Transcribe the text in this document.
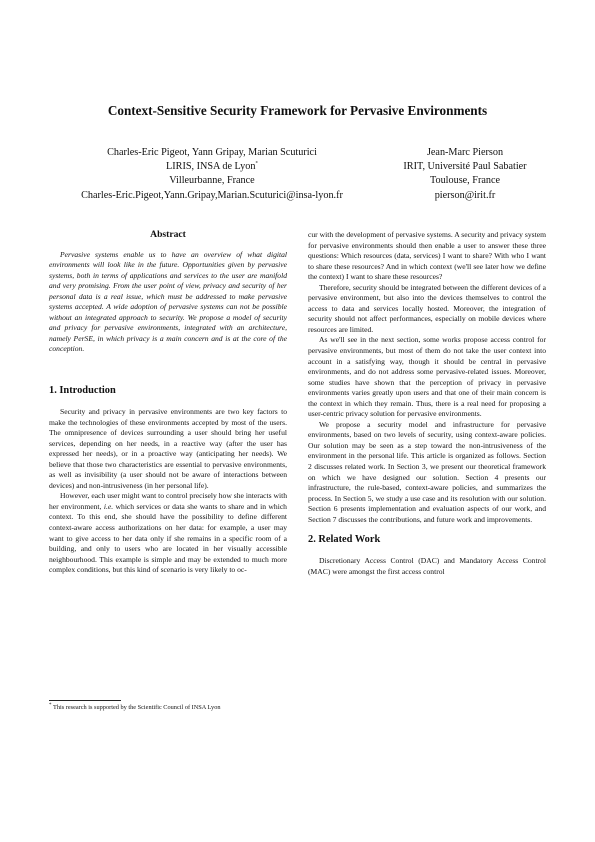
Context-Sensitive Security Framework for Pervasive Environments
Charles-Eric Pigeot, Yann Gripay, Marian Scuturici
LIRIS, INSA de Lyon*
Villeurbanne, France
Charles-Eric.Pigeot,Yann.Gripay,Marian.Scuturici@insa-lyon.fr
Jean-Marc Pierson
IRIT, Université Paul Sabatier
Toulouse, France
pierson@irit.fr
Abstract

Pervasive systems enable us to have an overview of what digital environments will look like in the future. Opportunities given by pervasive systems, both in terms of applications and services to the user are manifold and very promising. From the user point of view, privacy and security of her personal data is a real issue, which must be addressed to make pervasive systems accepted. A wide adoption of pervasive systems can not be possible without an integrated approach to security. We propose a model of security and privacy for pervasive environments, integrated with an architecture, namely PerSE, in which privacy is a main concern and is at the core of the conception.

1. Introduction

Security and privacy in pervasive environments are two key factors to make the technologies of these environments accepted by most of the users. The omnipresence of devices surrounding a user should bring her useful services, depending on her needs, in a reactive way (after the user has expressed her needs), or in a proactive way (anticipating her needs). We believe that those two characteristics are essential to pervasive environments, as well as invisibility (a user should not be aware of interactions between devices) and non-intrusiveness (in her personal life).

However, each user might want to control precisely how she interacts with her environment, i.e. which services or data she wants to share and in which context. To this end, she should have the possibility to define different context-aware access authorizations on her data: for example, a user may want to give access to her data only if she remains in a specific room of a building, and only to users who are located in her visually accessible neighbourhood. This example is simple and may be extended to much more complex conditions, but this kind of scenario is very likely to oc-

* This research is supported by the Scientific Council of INSA Lyon

cur with the development of pervasive systems. A security and privacy system for pervasive environments should then enable a user to answer these three questions: Which resources (data, services) I want to share? With who I want to share these resources? And in which context (we'll see later how we define the context) I want to share these resources?

Therefore, security should be integrated between the different devices of a pervasive environment, but also into the devices themselves to control the access to data and services locally hosted. Moreover, the integration of security should not affect performances, especially on mobile devices where resources are limited.

As we'll see in the next section, some works propose access control for pervasive environments, but most of them do not take the user context into account in a satisfying way, though it should be central in pervasive environments, and do not address some pervasive-related issues. Moreover, some studies have shown that the perception of privacy in pervasive environments varies greatly upon users and that one of their main concern is the context in which they remain. Thus, there is a real need for proposing a user-centric privacy solution for pervasive environments.

We propose a security model and infrastructure for pervasive environments, based on two levels of security, using context-aware policies. Our solution may be seen as a step toward the non-intrusiveness of the environment in the personal life. This article is organized as follows. Section 2 discusses related work. In Section 3, we present our theoretical framework on which we have designed our solution. Section 4 presents our infrastructure, the rule-based, context-aware policies, and summarizes the process. In Section 5, we study a use case and its resolution with our solution. Section 6 presents implementation and evaluation aspects of our work, and Section 7 discusses the contributions, and future work and improvements.

2. Related Work

Discretionary Access Control (DAC) and Mandatory Access Control (MAC) were amongst the first access control
